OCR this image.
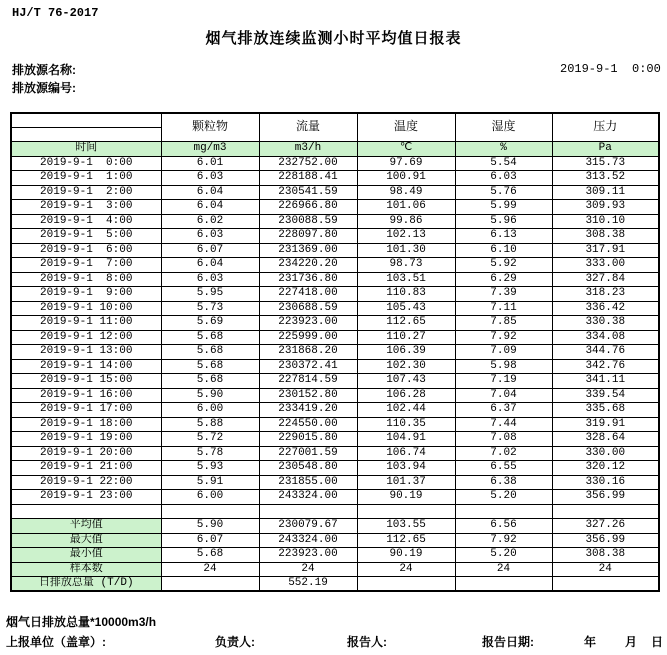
HJ/T 76-2017
烟气排放连续监测小时平均值日报表
排放源名称:	2019-9-1  0:00
排放源编号:
	颗粒物	流量	温度	湿度	压力

时间	mg/m3	m3/h	℃	%	Pa
2019-9-1  0:00	6.01	232752.00	97.69	5.54	315.73
2019-9-1  1:00	6.03	228188.41	100.91	6.03	313.52
2019-9-1  2:00	6.04	230541.59	98.49	5.76	309.11
2019-9-1  3:00	6.04	226966.80	101.06	5.99	309.93
2019-9-1  4:00	6.02	230088.59	99.86	5.96	310.10
2019-9-1  5:00	6.03	228097.80	102.13	6.13	308.38
2019-9-1  6:00	6.07	231369.00	101.30	6.10	317.91
2019-9-1  7:00	6.04	234220.20	98.73	5.92	333.00
2019-9-1  8:00	6.03	231736.80	103.51	6.29	327.84
2019-9-1  9:00	5.95	227418.00	110.83	7.39	318.23
2019-9-1 10:00	5.73	230688.59	105.43	7.11	336.42
2019-9-1 11:00	5.69	223923.00	112.65	7.85	330.38
2019-9-1 12:00	5.68	225999.00	110.27	7.92	334.08
2019-9-1 13:00	5.68	231868.20	106.39	7.09	344.76
2019-9-1 14:00	5.68	230372.41	102.30	5.98	342.76
2019-9-1 15:00	5.68	227814.59	107.43	7.19	341.11
2019-9-1 16:00	5.90	230152.80	106.28	7.04	339.54
2019-9-1 17:00	6.00	233419.20	102.44	6.37	335.68
2019-9-1 18:00	5.88	224550.00	110.35	7.44	319.91
2019-9-1 19:00	5.72	229015.80	104.91	7.08	328.64
2019-9-1 20:00	5.78	227001.59	106.74	7.02	330.00
2019-9-1 21:00	5.93	230548.80	103.94	6.55	320.12
2019-9-1 22:00	5.91	231855.00	101.37	6.38	330.16
2019-9-1 23:00	6.00	243324.00	90.19	5.20	356.99

平均值	5.90	230079.67	103.55	6.56	327.26
最大值	6.07	243324.00	112.65	7.92	356.99
最小值	5.68	223923.00	90.19	5.20	308.38
样本数	24	24	24	24	24
日排放总量 (T/D)		552.19			
烟气日排放总量*10000m3/h
上报单位（盖章）:	负责人:	报告人:	报告日期:	年 月 日
